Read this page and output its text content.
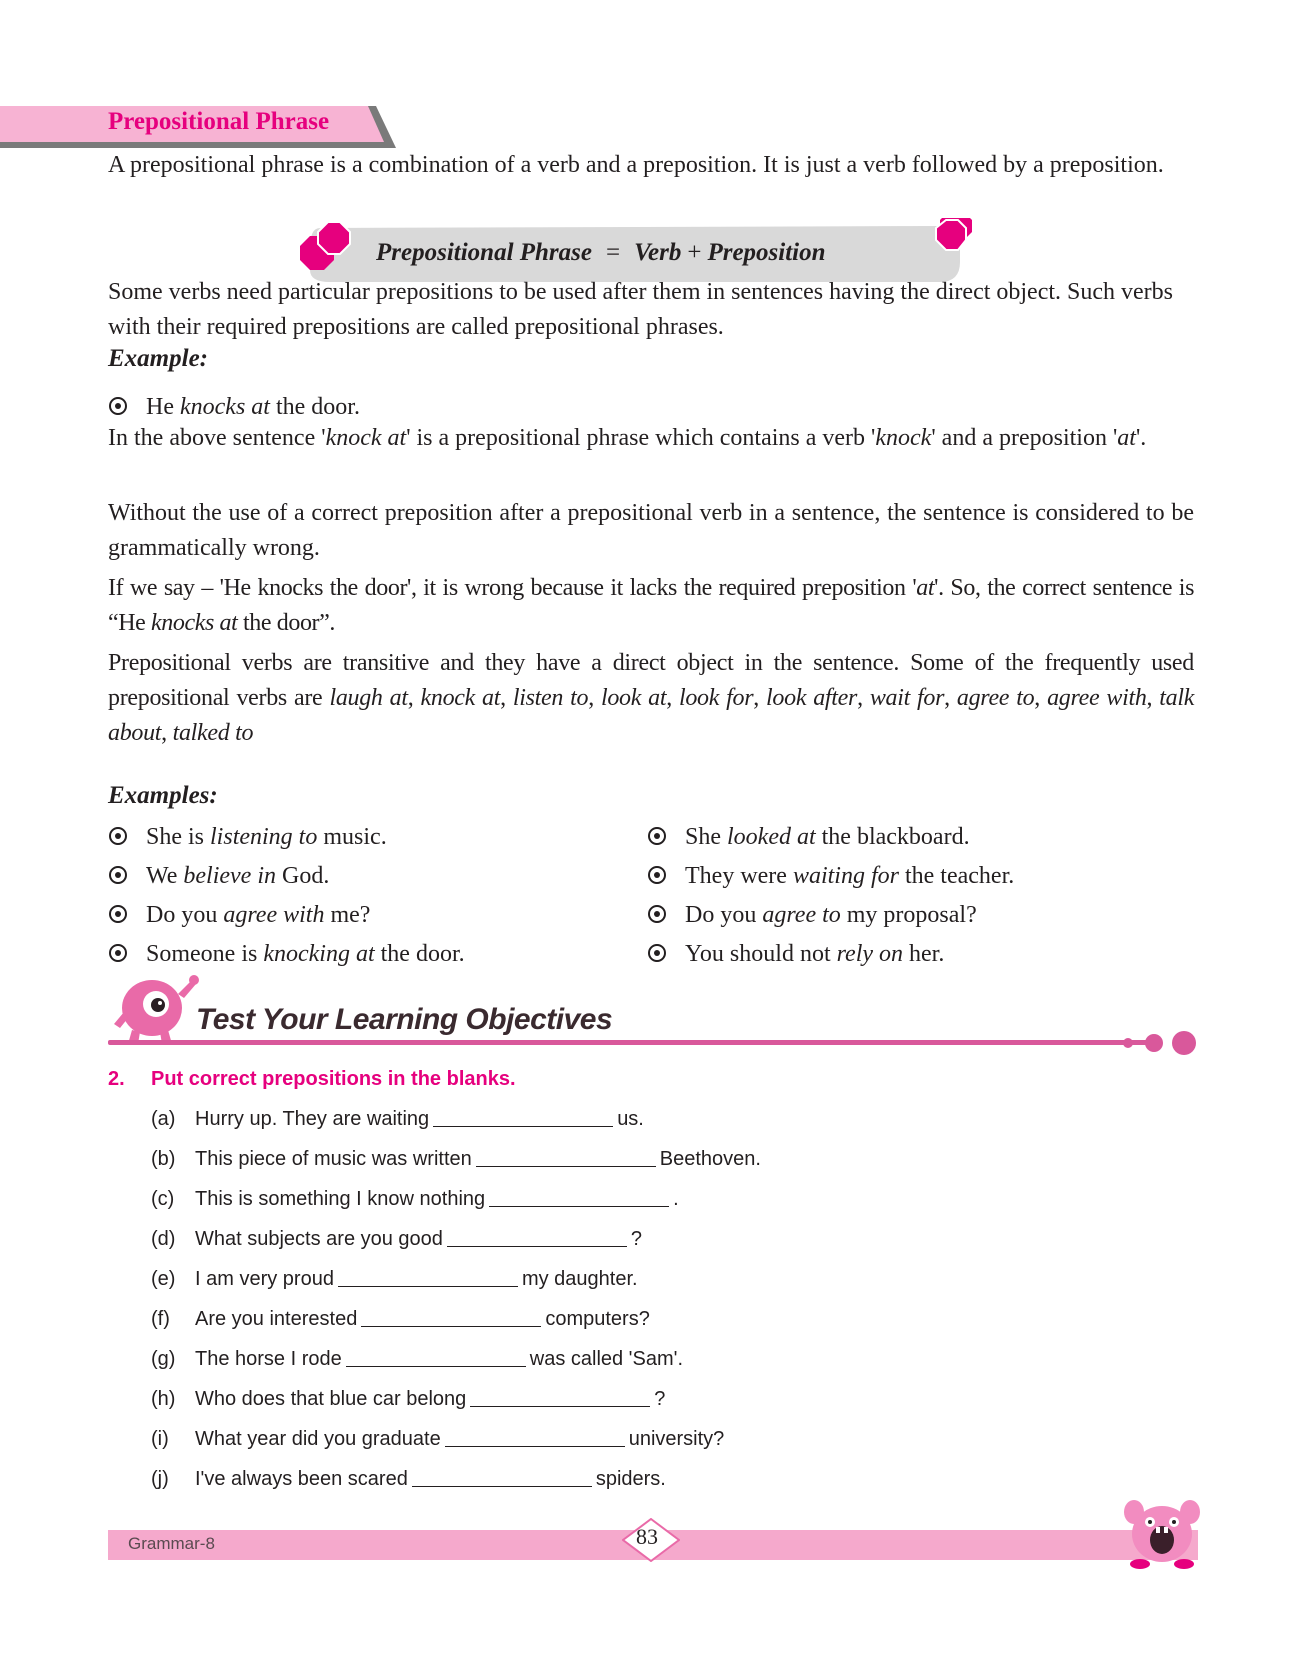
Prepositional Phrase

A prepositional phrase is a combination of a verb and a preposition. It is just a verb followed by a preposition.

Prepositional Phrase = Verb + Preposition

Some verbs need particular prepositions to be used after them in sentences having the direct object. Such verbs with their required prepositions are called prepositional phrases.

Example:
He knocks at the door.

In the above sentence 'knock at' is a prepositional phrase which contains a verb 'knock' and a preposition 'at'.

Without the use of a correct preposition after a prepositional verb in a sentence, the sentence is considered to be grammatically wrong.

If we say – 'He knocks the door', it is wrong because it lacks the required preposition 'at'. So, the correct sentence is “He knocks at the door”.

Prepositional verbs are transitive and they have a direct object in the sentence. Some of the frequently used prepositional verbs are laugh at, knock at, listen to, look at, look for, look after, wait for, agree to, agree with, talk about, talked to

Examples:
She is listening to music.
We believe in God.
Do you agree with me?
Someone is knocking at the door.
She looked at the blackboard.
They were waiting for the teacher.
Do you agree to my proposal?
You should not rely on her.
Test Your Learning Objectives
2. Put correct prepositions in the blanks.
(a) Hurry up. They are waiting	us.
(b) This piece of music was written	Beethoven.
(c) This is something I know nothing	.
(d) What subjects are you good	?
(e) I am very proud	my daughter.
(f) Are you interested	computers?
(g) The horse I rode	was called 'Sam'.
(h) Who does that blue car belong	?
(i) What year did you graduate	university?
(j) I've always been scared	spiders.
Grammar-8	83
